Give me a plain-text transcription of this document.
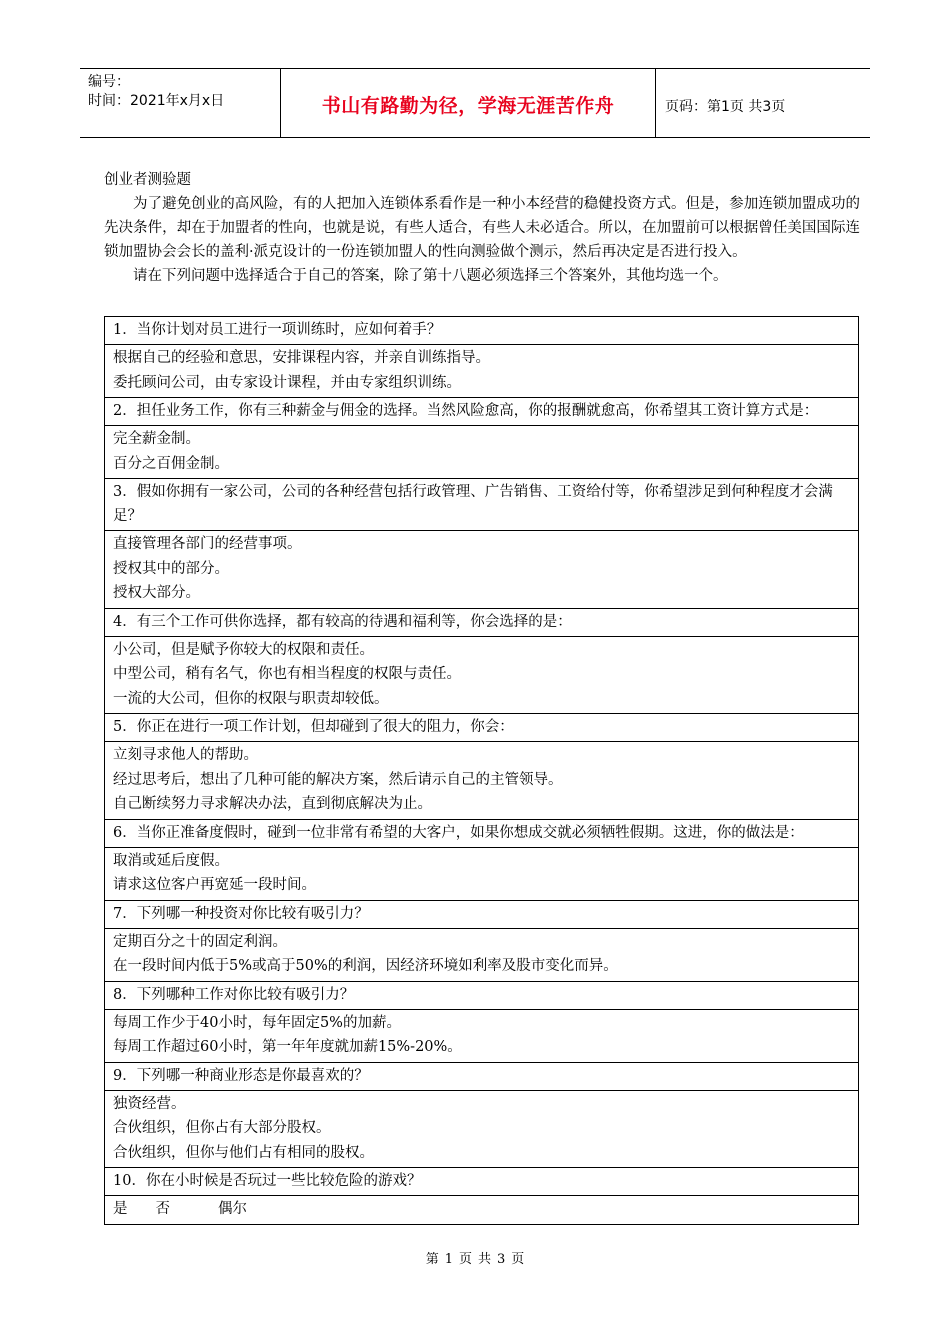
编号：
时间：2021年x月x日	书山有路勤为径，学海无涯苦作舟	页码：第1页 共3页
创业者测验题
为了避免创业的高风险，有的人把加入连锁体系看作是一种小本经营的稳健投资方式。但是，参加连锁加盟成功的先决条件，却在于加盟者的性向，也就是说，有些人适合，有些人未必适合。所以，在加盟前可以根据曾任美国国际连锁加盟协会会长的盖利·派克设计的一份连锁加盟人的性向测验做个测示，然后再决定是否进行投入。
请在下列问题中选择适合于自己的答案，除了第十八题必须选择三个答案外，其他均选一个。
1．当你计划对员工进行一项训练时，应如何着手？

根据自己的经验和意思，安排课程内容，并亲自训练指导。
委托顾问公司，由专家设计课程，并由专家组织训练。

2．担任业务工作，你有三种薪金与佣金的选择。当然风险愈高，你的报酬就愈高，你希望其工资计算方式是：

完全薪金制。
百分之百佣金制。

3．假如你拥有一家公司，公司的各种经营包括行政管理、广告销售、工资给付等，你希望涉足到何种程度才会满足？

直接管理各部门的经营事项。
授权其中的部分。
授权大部分。

4．有三个工作可供你选择，都有较高的待遇和福利等，你会选择的是：

小公司，但是赋予你较大的权限和责任。
中型公司，稍有名气，你也有相当程度的权限与责任。
一流的大公司，但你的权限与职责却较低。

5．你正在进行一项工作计划，但却碰到了很大的阻力，你会：

立刻寻求他人的帮助。
经过思考后，想出了几种可能的解决方案，然后请示自己的主管领导。
自己断续努力寻求解决办法，直到彻底解决为止。

6．当你正准备度假时，碰到一位非常有希望的大客户，如果你想成交就必须牺牲假期。这进，你的做法是：

取消或延后度假。
请求这位客户再宽延一段时间。

7．下列哪一种投资对你比较有吸引力？

定期百分之十的固定利润。
在一段时间内低于5%或高于50%的利润，因经济环境如利率及股市变化而异。

8．下列哪种工作对你比较有吸引力？

每周工作少于40小时，每年固定5%的加薪。
每周工作超过60小时，第一年年度就加薪15%-20%。

9．下列哪一种商业形态是你最喜欢的？

独资经营。
合伙组织，但你占有大部分股权。
合伙组织，但你与他们占有相同的股权。

10．你在小时候是否玩过一些比较危险的游戏？

是 否	偶尔
第 1 页 共 3 页
